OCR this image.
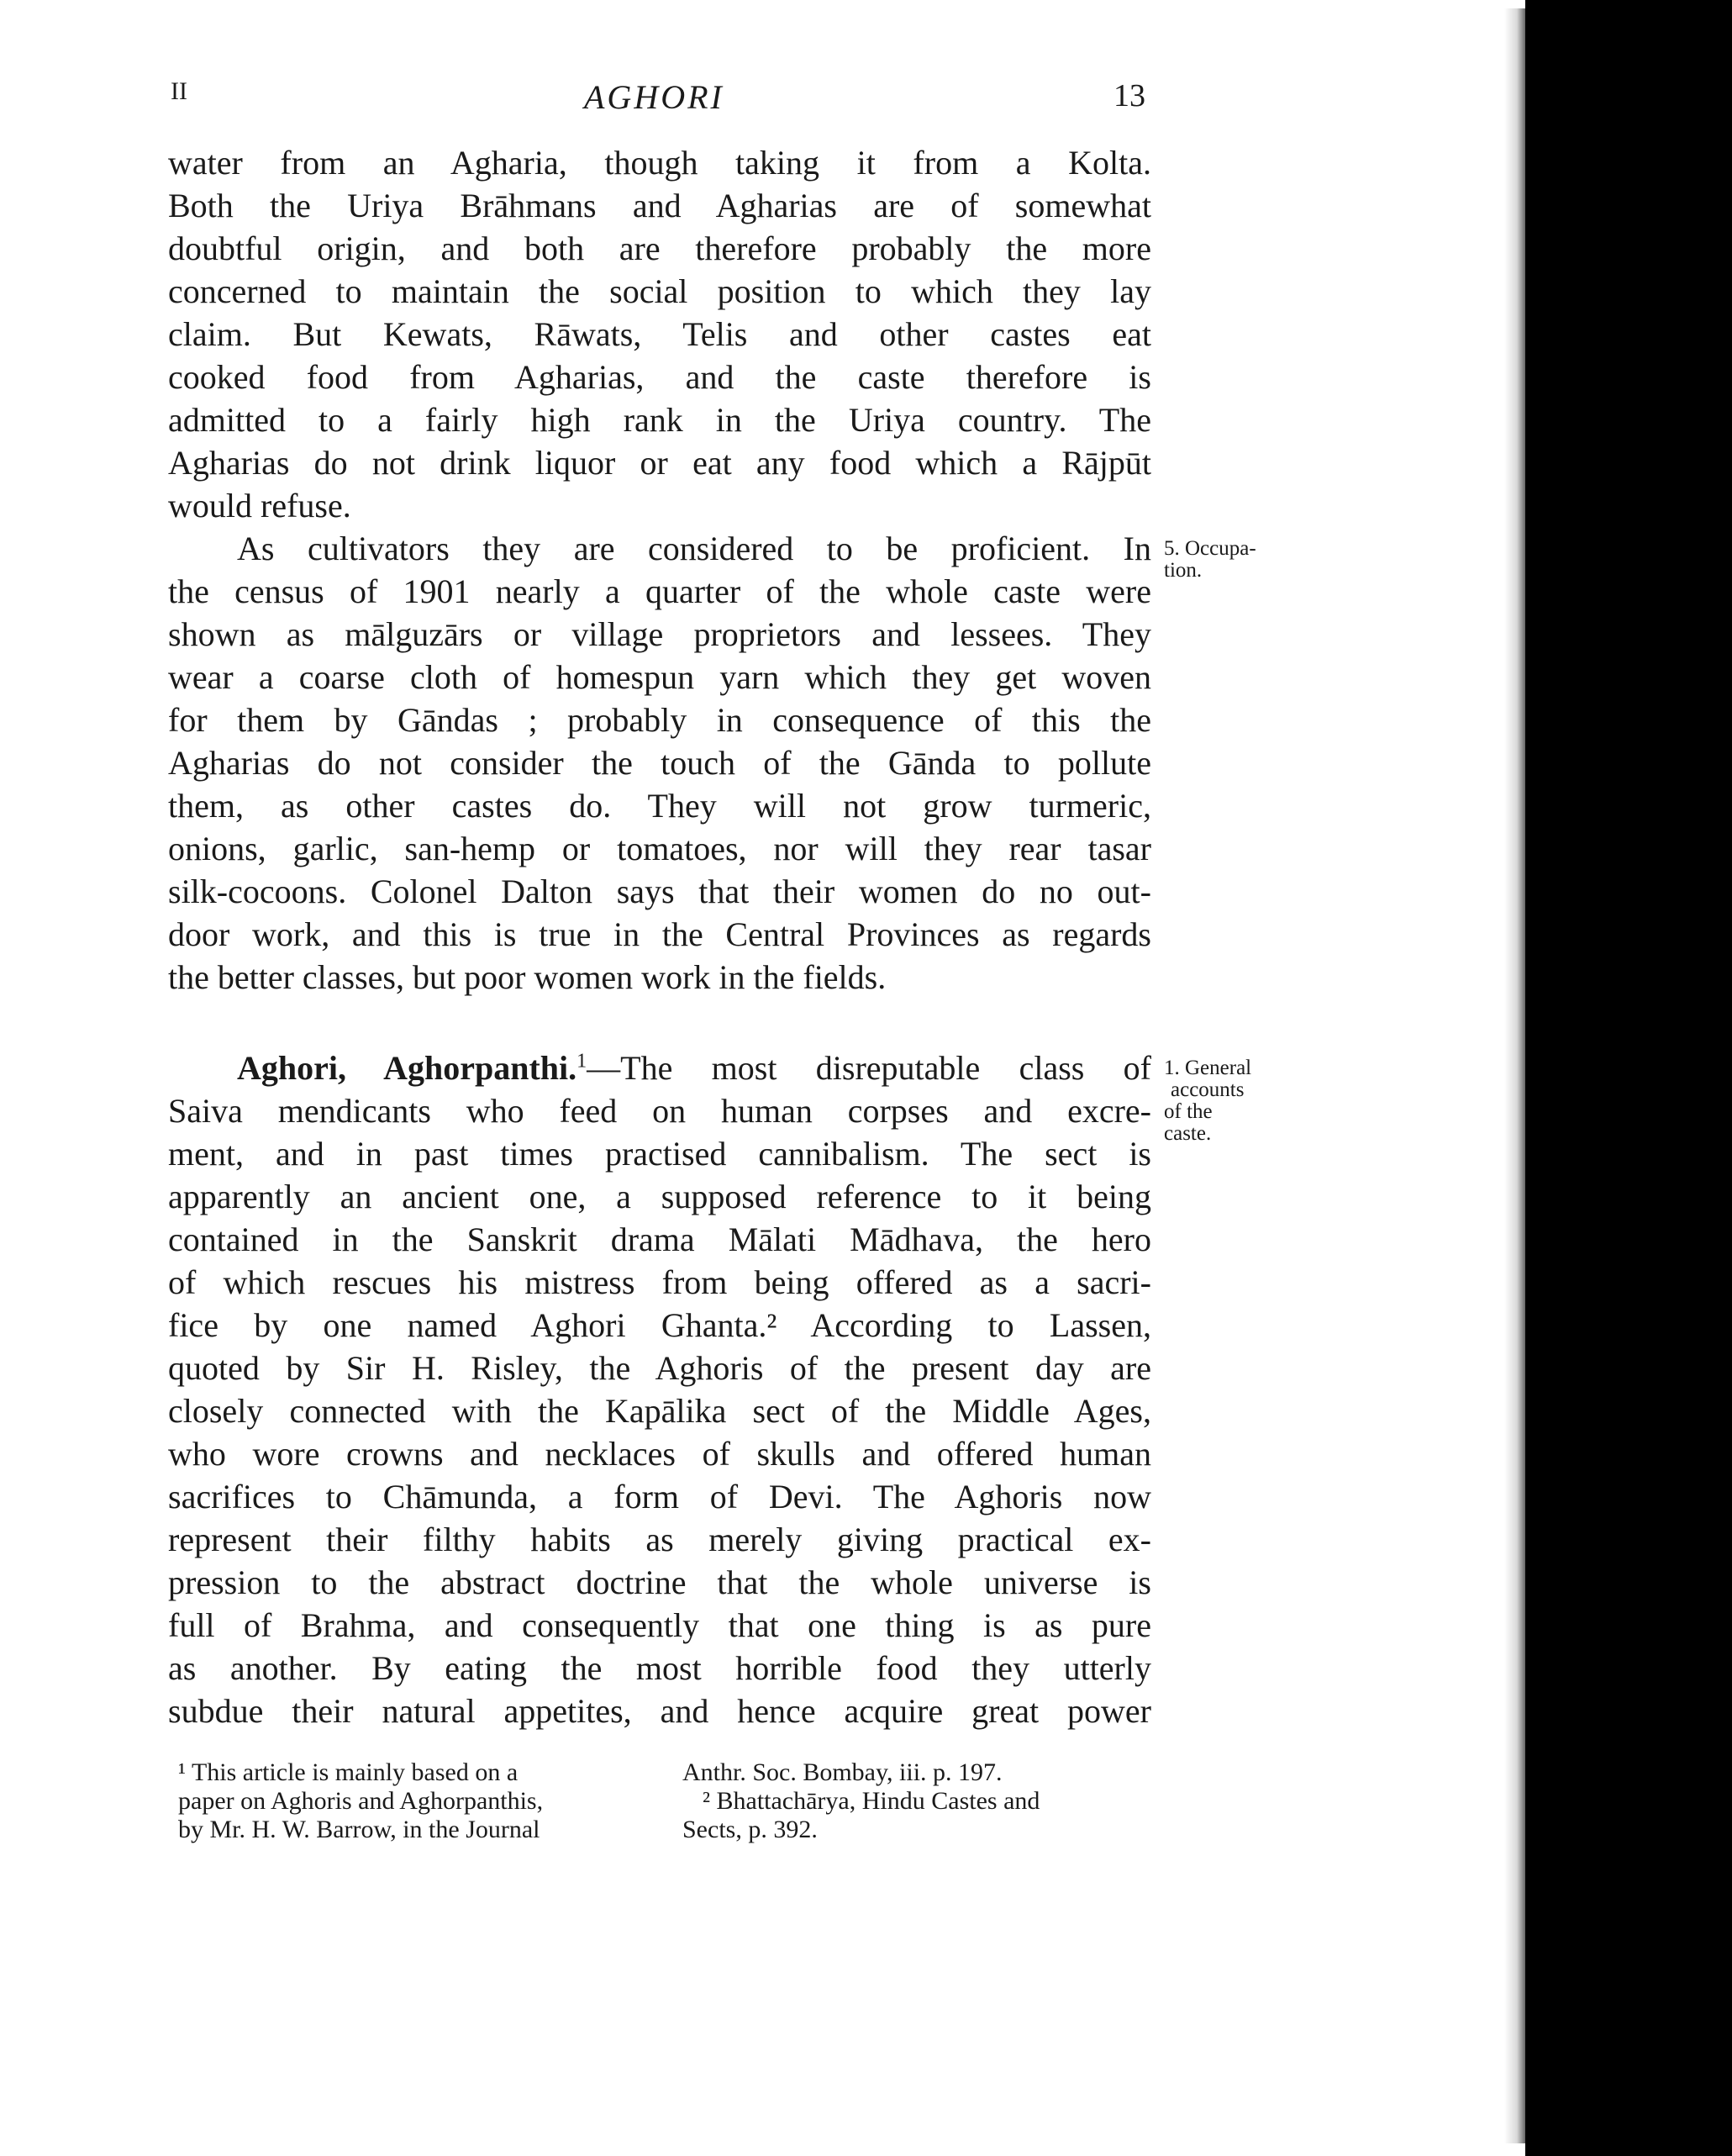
II	AGHORI	13
water from an Agharia, though taking it from a Kolta.
Both the Uriya Brāhmans and Agharias are of somewhat
doubtful origin, and both are therefore probably the more
concerned to maintain the social position to which they lay
claim. But Kewats, Rāwats, Telis and other castes eat
cooked food from Agharias, and the caste therefore is
admitted to a fairly high rank in the Uriya country. The
Agharias do not drink liquor or eat any food which a Rājpūt
would refuse.
As cultivators they are considered to be proficient. In
the census of 1901 nearly a quarter of the whole caste were
shown as mālguzārs or village proprietors and lessees. They
wear a coarse cloth of homespun yarn which they get woven
for them by Gāndas ; probably in consequence of this the
Agharias do not consider the touch of the Gānda to pollute
them, as other castes do. They will not grow turmeric,
onions, garlic, san-hemp or tomatoes, nor will they rear tasar
silk-cocoons. Colonel Dalton says that their women do no out-
door work, and this is true in the Central Provinces as regards
the better classes, but poor women work in the fields.
5. Occupa-
tion.
Aghori, Aghorpanthi.$^1$—The most disreputable class of
Saiva mendicants who feed on human corpses and excre-
ment, and in past times practised cannibalism. The sect is
apparently an ancient one, a supposed reference to it being
contained in the Sanskrit drama Mālati Mādhava, the hero
of which rescues his mistress from being offered as a sacri-
fice by one named Aghori Ghanta.² According to Lassen,
quoted by Sir H. Risley, the Aghoris of the present day are
closely connected with the Kapālika sect of the Middle Ages,
who wore crowns and necklaces of skulls and offered human
sacrifices to Chāmunda, a form of Devi. The Aghoris now
represent their filthy habits as merely giving practical ex-
pression to the abstract doctrine that the whole universe is
full of Brahma, and consequently that one thing is as pure
as another. By eating the most horrible food they utterly
subdue their natural appetites, and hence acquire great power
1. General
accounts
of the
caste.
¹ This article is mainly based on a
paper on Aghoris and Aghorpanthis,
by Mr. H. W. Barrow, in the Journal
Anthr. Soc. Bombay, iii. p. 197.
² Bhattachārya, Hindu Castes and
Sects, p. 392.
